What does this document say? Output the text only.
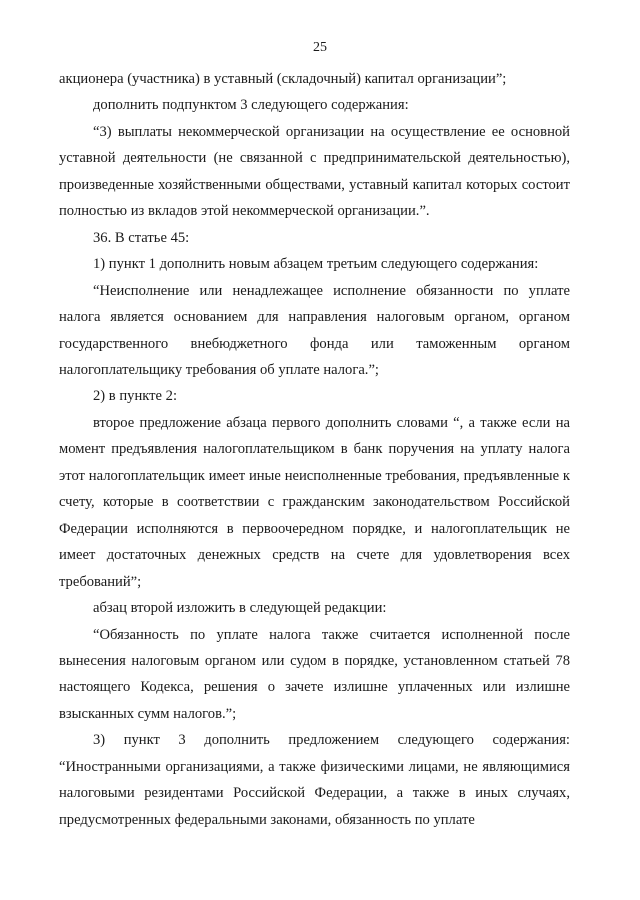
25

акционера (участника) в уставный (складочный) капитал организации”;

дополнить подпунктом 3 следующего содержания:

“3) выплаты некоммерческой организации на осуществление ее основной уставной деятельности (не связанной с предпринимательской деятельностью), произведенные хозяйственными обществами, уставный капитал которых состоит полностью из вкладов этой некоммерческой организации.”.

36. В статье 45:

1) пункт 1 дополнить новым абзацем третьим следующего содержания:

“Неисполнение или ненадлежащее исполнение обязанности по уплате налога является основанием для направления налоговым органом, органом государственного внебюджетного фонда или таможенным органом налогоплательщику требования об уплате налога.”;

2) в пункте 2:

второе предложение абзаца первого дополнить словами “, а также если на момент предъявления налогоплательщиком в банк поручения на уплату налога этот налогоплательщик имеет иные неисполненные требования, предъявленные к счету, которые в соответствии с гражданским законодательством Российской Федерации исполняются в первоочередном порядке, и налогоплательщик не имеет достаточных денежных средств на счете для удовлетворения всех требований”;

абзац второй изложить в следующей редакции:

“Обязанность по уплате налога также считается исполненной после вынесения налоговым органом или судом в порядке, установленном статьей 78 настоящего Кодекса, решения о зачете излишне уплаченных или излишне взысканных сумм налогов.”;

3) пункт 3 дополнить предложением следующего содержания: “Иностранными организациями, а также физическими лицами, не являющимися налоговыми резидентами Российской Федерации, а также в иных случаях, предусмотренных федеральными законами, обязанность по уплате
